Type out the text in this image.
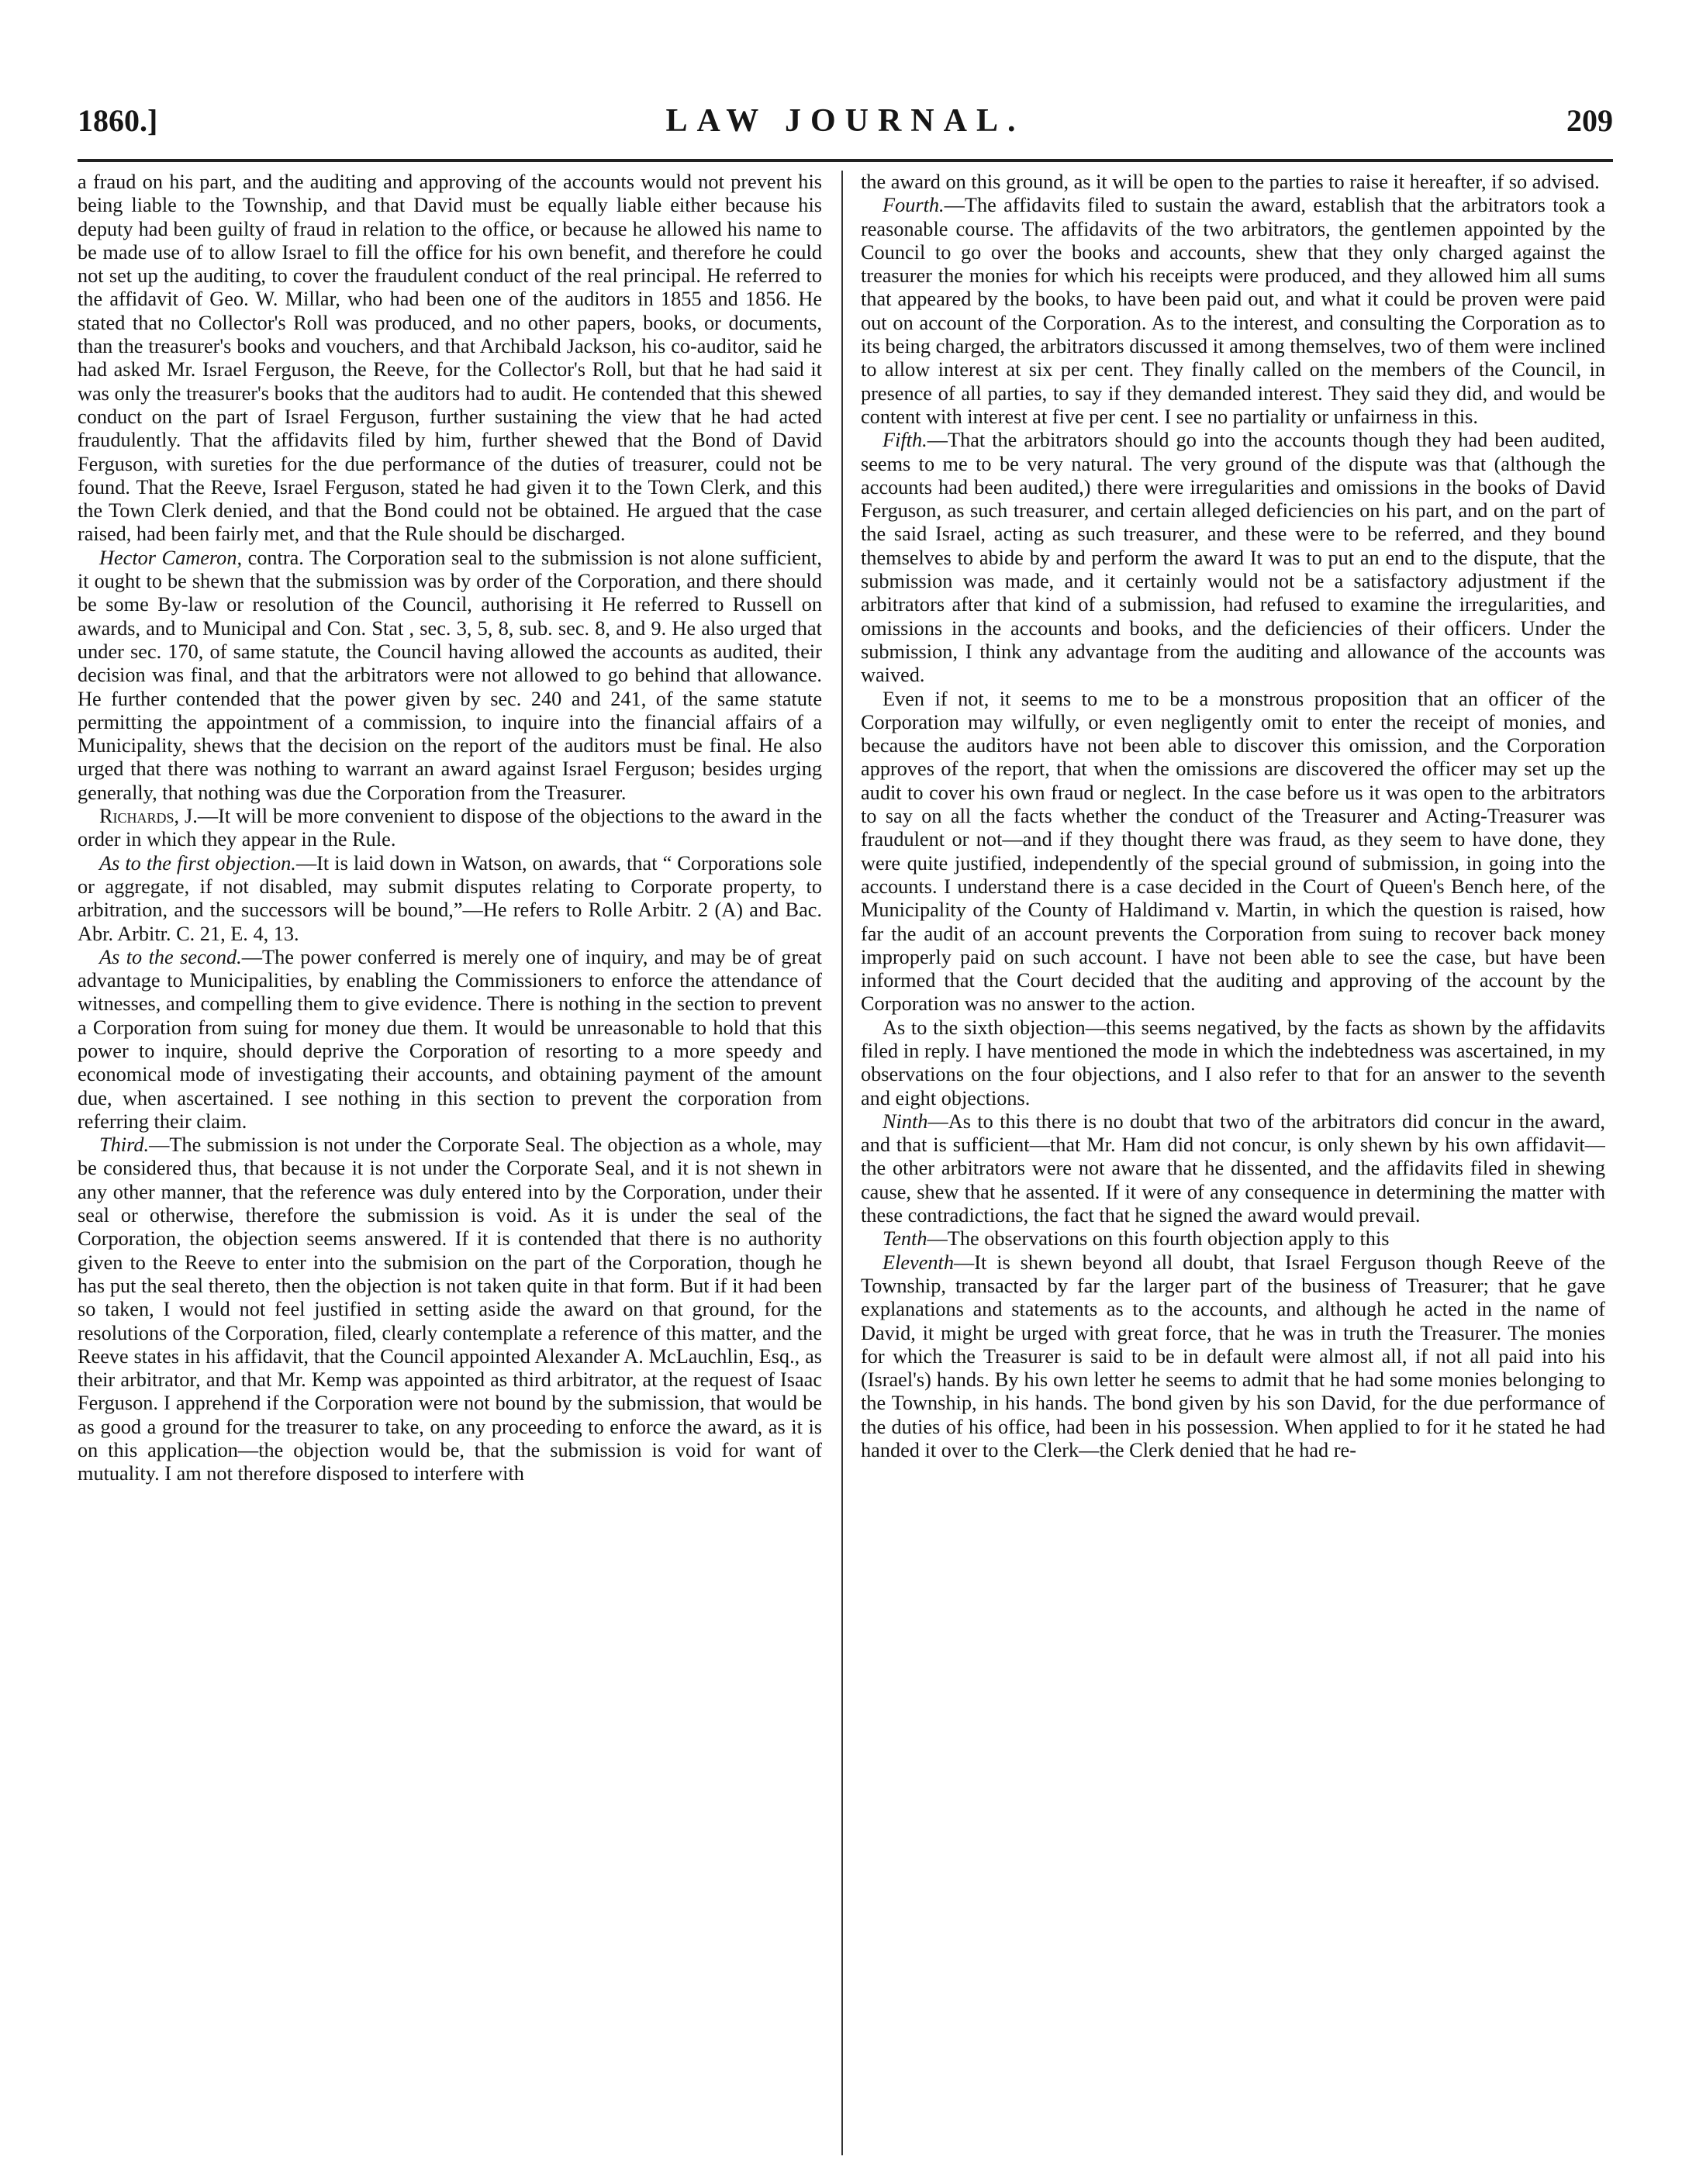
1860.]	LAW JOURNAL.	209

a fraud on his part, and the auditing and approving of the accounts would not prevent his being liable to the Township, and that David must be equally liable either because his deputy had been guilty of fraud in relation to the office, or because he allowed his name to be made use of to allow Israel to fill the office for his own benefit, and therefore he could not set up the auditing, to cover the fraudulent conduct of the real principal. He referred to the affidavit of Geo. W. Millar, who had been one of the auditors in 1855 and 1856. He stated that no Collector's Roll was produced, and no other papers, books, or documents, than the treasurer's books and vouchers, and that Archibald Jackson, his co-auditor, said he had asked Mr. Israel Ferguson, the Reeve, for the Collector's Roll, but that he had said it was only the treasurer's books that the auditors had to audit. He contended that this shewed conduct on the part of Israel Ferguson, further sustaining the view that he had acted fraudulently. That the affidavits filed by him, further shewed that the Bond of David Ferguson, with sureties for the due performance of the duties of treasurer, could not be found. That the Reeve, Israel Ferguson, stated he had given it to the Town Clerk, and this the Town Clerk denied, and that the Bond could not be obtained. He argued that the case raised, had been fairly met, and that the Rule should be discharged.

Hector Cameron, contra. The Corporation seal to the submission is not alone sufficient, it ought to be shewn that the submission was by order of the Corporation, and there should be some By-law or resolution of the Council, authorising it He referred to Russell on awards, and to Municipal and Con. Stat , sec. 3, 5, 8, sub. sec. 8, and 9. He also urged that under sec. 170, of same statute, the Council having allowed the accounts as audited, their decision was final, and that the arbitrators were not allowed to go behind that allowance. He further contended that the power given by sec. 240 and 241, of the same statute permitting the appointment of a commission, to inquire into the financial affairs of a Municipality, shews that the decision on the report of the auditors must be final. He also urged that there was nothing to warrant an award against Israel Ferguson; besides urging generally, that nothing was due the Corporation from the Treasurer.

Richards, J.—It will be more convenient to dispose of the objections to the award in the order in which they appear in the Rule.

As to the first objection.—It is laid down in Watson, on awards, that “ Corporations sole or aggregate, if not disabled, may submit disputes relating to Corporate property, to arbitration, and the successors will be bound,”—He refers to Rolle Arbitr. 2 (A) and Bac. Abr. Arbitr. C. 21, E. 4, 13.

As to the second.—The power conferred is merely one of inquiry, and may be of great advantage to Municipalities, by enabling the Commissioners to enforce the attendance of witnesses, and compelling them to give evidence. There is nothing in the section to prevent a Corporation from suing for money due them. It would be unreasonable to hold that this power to inquire, should deprive the Corporation of resorting to a more speedy and economical mode of investigating their accounts, and obtaining payment of the amount due, when ascertained. I see nothing in this section to prevent the corporation from referring their claim.

Third.—The submission is not under the Corporate Seal. The objection as a whole, may be considered thus, that because it is not under the Corporate Seal, and it is not shewn in any other manner, that the reference was duly entered into by the Corporation, under their seal or otherwise, therefore the submission is void. As it is under the seal of the Corporation, the objection seems answered. If it is contended that there is no authority given to the Reeve to enter into the submision on the part of the Corporation, though he has put the seal thereto, then the objection is not taken quite in that form. But if it had been so taken, I would not feel justified in setting aside the award on that ground, for the resolutions of the Corporation, filed, clearly contemplate a reference of this matter, and the Reeve states in his affidavit, that the Council appointed Alexander A. McLauchlin, Esq., as their arbitrator, and that Mr. Kemp was appointed as third arbitrator, at the request of Isaac Ferguson. I apprehend if the Corporation were not bound by the submission, that would be as good a ground for the treasurer to take, on any proceeding to enforce the award, as it is on this application—the objection would be, that the submission is void for want of mutuality. I am not therefore disposed to interfere with

the award on this ground, as it will be open to the parties to raise it hereafter, if so advised.

Fourth.—The affidavits filed to sustain the award, establish that the arbitrators took a reasonable course. The affidavits of the two arbitrators, the gentlemen appointed by the Council to go over the books and accounts, shew that they only charged against the treasurer the monies for which his receipts were produced, and they allowed him all sums that appeared by the books, to have been paid out, and what it could be proven were paid out on account of the Corporation. As to the interest, and consulting the Corporation as to its being charged, the arbitrators discussed it among themselves, two of them were inclined to allow interest at six per cent. They finally called on the members of the Council, in presence of all parties, to say if they demanded interest. They said they did, and would be content with interest at five per cent. I see no partiality or unfairness in this.

Fifth.—That the arbitrators should go into the accounts though they had been audited, seems to me to be very natural. The very ground of the dispute was that (although the accounts had been audited,) there were irregularities and omissions in the books of David Ferguson, as such treasurer, and certain alleged deficiencies on his part, and on the part of the said Israel, acting as such treasurer, and these were to be referred, and they bound themselves to abide by and perform the award It was to put an end to the dispute, that the submission was made, and it certainly would not be a satisfactory adjustment if the arbitrators after that kind of a submission, had refused to examine the irregularities, and omissions in the accounts and books, and the deficiencies of their officers. Under the submission, I think any advantage from the auditing and allowance of the accounts was waived.

Even if not, it seems to me to be a monstrous proposition that an officer of the Corporation may wilfully, or even negligently omit to enter the receipt of monies, and because the auditors have not been able to discover this omission, and the Corporation approves of the report, that when the omissions are discovered the officer may set up the audit to cover his own fraud or neglect. In the case before us it was open to the arbitrators to say on all the facts whether the conduct of the Treasurer and Acting-Treasurer was fraudulent or not—and if they thought there was fraud, as they seem to have done, they were quite justified, independently of the special ground of submission, in going into the accounts. I understand there is a case decided in the Court of Queen's Bench here, of the Municipality of the County of Haldimand v. Martin, in which the question is raised, how far the audit of an account prevents the Corporation from suing to recover back money improperly paid on such account. I have not been able to see the case, but have been informed that the Court decided that the auditing and approving of the account by the Corporation was no answer to the action.

As to the sixth objection—this seems negatived, by the facts as shown by the affidavits filed in reply. I have mentioned the mode in which the indebtedness was ascertained, in my observations on the four objections, and I also refer to that for an answer to the seventh and eight objections.

Ninth—As to this there is no doubt that two of the arbitrators did concur in the award, and that is sufficient—that Mr. Ham did not concur, is only shewn by his own affidavit—the other arbitrators were not aware that he dissented, and the affidavits filed in shewing cause, shew that he assented. If it were of any consequence in determining the matter with these contradictions, the fact that he signed the award would prevail.

Tenth—The observations on this fourth objection apply to this

Eleventh—It is shewn beyond all doubt, that Israel Ferguson though Reeve of the Township, transacted by far the larger part of the business of Treasurer; that he gave explanations and statements as to the accounts, and although he acted in the name of David, it might be urged with great force, that he was in truth the Treasurer. The monies for which the Treasurer is said to be in default were almost all, if not all paid into his (Israel's) hands. By his own letter he seems to admit that he had some monies belonging to the Township, in his hands. The bond given by his son David, for the due performance of the duties of his office, had been in his possession. When applied to for it he stated he had handed it over to the Clerk—the Clerk denied that he had re-
